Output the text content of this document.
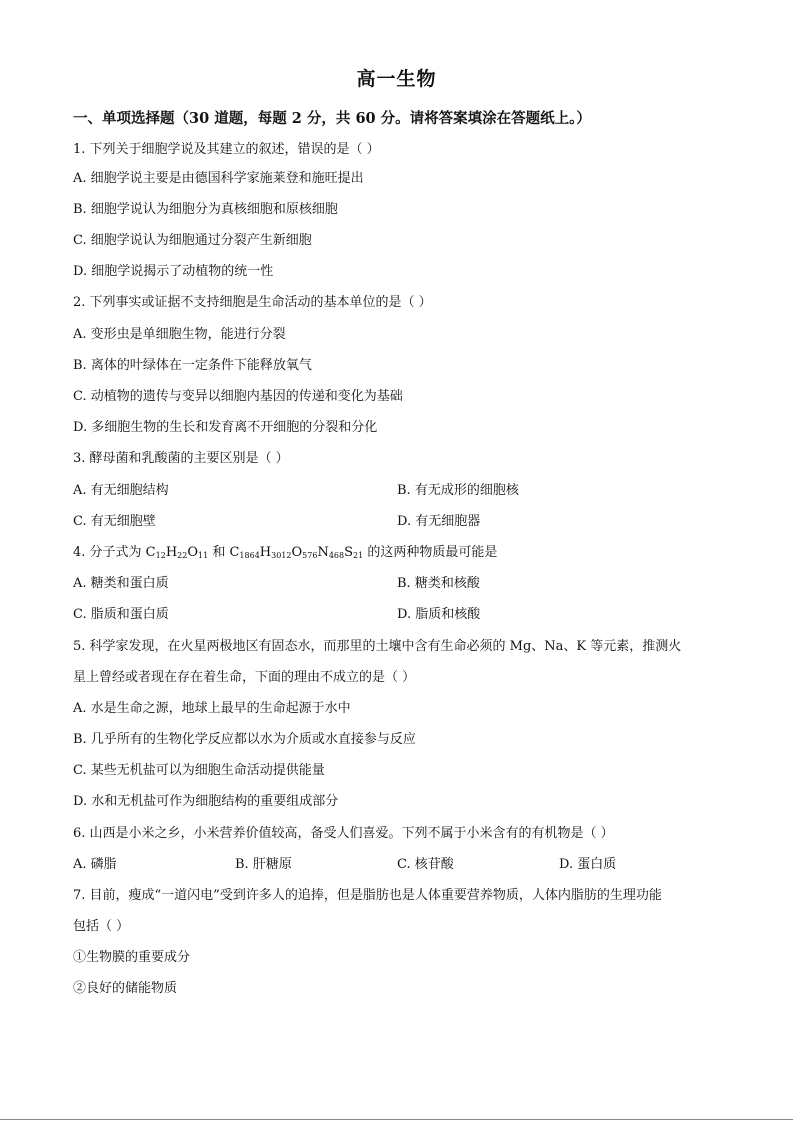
高一生物
一、单项选择题（30 道题，每题 2 分，共 60 分。请将答案填涂在答题纸上。）
1. 下列关于细胞学说及其建立的叙述，错误的是（ ）
A. 细胞学说主要是由德国科学家施莱登和施旺提出
B. 细胞学说认为细胞分为真核细胞和原核细胞
C. 细胞学说认为细胞通过分裂产生新细胞
D. 细胞学说揭示了动植物的统一性
2. 下列事实或证据不支持细胞是生命活动的基本单位的是（ ）
A. 变形虫是单细胞生物，能进行分裂
B. 离体的叶绿体在一定条件下能释放氧气
C. 动植物的遗传与变异以细胞内基因的传递和变化为基础
D. 多细胞生物的生长和发育离不开细胞的分裂和分化
3. 酵母菌和乳酸菌的主要区别是（ ）
A. 有无细胞结构	B. 有无成形的细胞核
C. 有无细胞壁	D. 有无细胞器
4. 分子式为 $C_{12}H_{22}O_{11}$ 和 $C_{1864}H_{3012}O_{576}N_{468}S_{21}$ 的这两种物质最可能是
A. 糖类和蛋白质	B. 糖类和核酸
C. 脂质和蛋白质	D. 脂质和核酸
5. 科学家发现，在火星两极地区有固态水，而那里的土壤中含有生命必须的 Mg、Na、K 等元素，推测火
星上曾经或者现在存在着生命，下面的理由不成立的是（ ）
A. 水是生命之源，地球上最早的生命起源于水中
B. 几乎所有的生物化学反应都以水为介质或水直接参与反应
C. 某些无机盐可以为细胞生命活动提供能量
D. 水和无机盐可作为细胞结构的重要组成部分
6. 山西是小米之乡，小米营养价值较高，备受人们喜爱。下列不属于小米含有的有机物是（ ）
A. 磷脂	B. 肝糖原	C. 核苷酸	D. 蛋白质
7. 目前，瘦成“一道闪电”受到许多人的追捧，但是脂肪也是人体重要营养物质，人体内脂肪的生理功能
包括（ ）
①生物膜的重要成分
②良好的储能物质
